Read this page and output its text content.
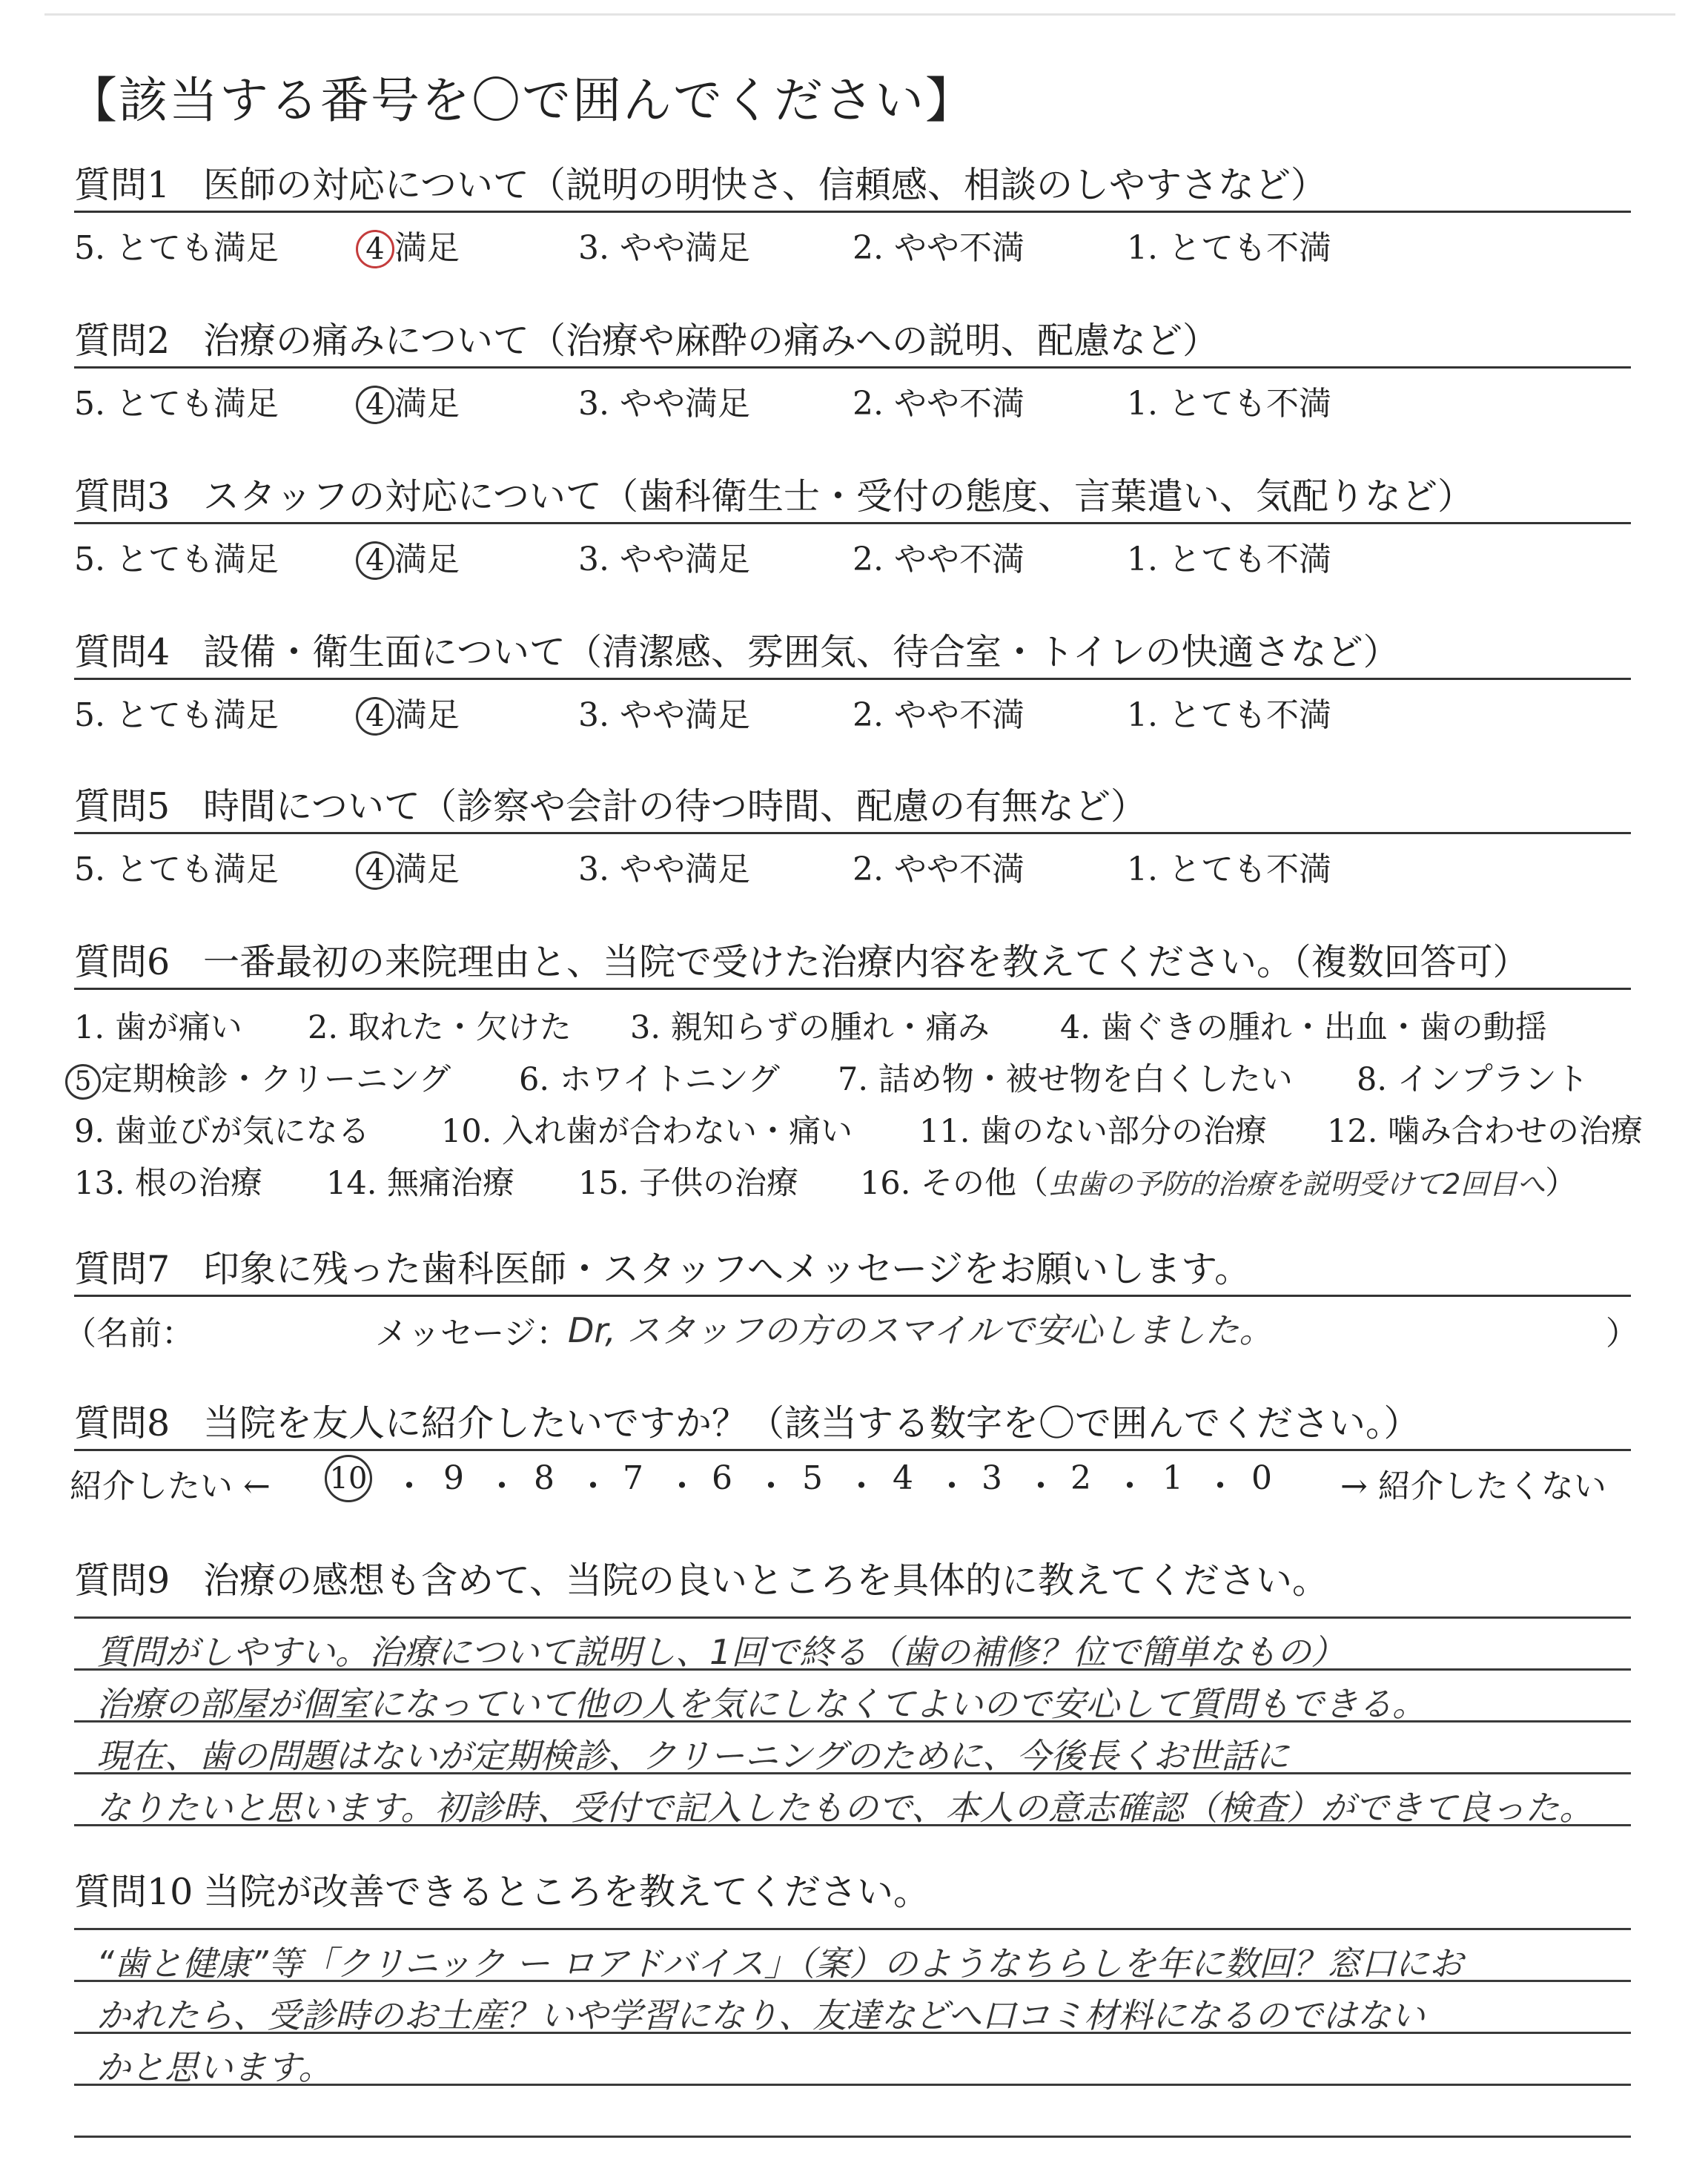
【該当する番号を〇で囲んでください】
質問1 医師の対応について（説明の明快さ、信頼感、相談のしやすさなど）
5. とても満足	4 満足	3. やや満足	2. やや不満	1. とても不満
質問2 治療の痛みについて（治療や麻酔の痛みへの説明、配慮など）
5. とても満足	4 満足	3. やや満足	2. やや不満	1. とても不満
質問3 スタッフの対応について（歯科衛生士・受付の態度、言葉遣い、気配りなど）
5. とても満足	4 満足	3. やや満足	2. やや不満	1. とても不満
質問4 設備・衛生面について（清潔感、雰囲気、待合室・トイレの快適さなど）
5. とても満足	4 満足	3. やや満足	2. やや不満	1. とても不満
質問5 時間について（診察や会計の待つ時間、配慮の有無など）
5. とても満足	4 満足	3. やや満足	2. やや不満	1. とても不満
質問6 一番最初の来院理由と、当院で受けた治療内容を教えてください。（複数回答可）
1. 歯が痛い 2. 取れた・欠けた 3. 親知らずの腫れ・痛み 4. 歯ぐきの腫れ・出血・歯の動揺
5 定期検診・クリーニング 6. ホワイトニング 7. 詰め物・被せ物を白くしたい 8. インプラント
9. 歯並びが気になる 10. 入れ歯が合わない・痛い 11. 歯のない部分の治療 12. 噛み合わせの治療
13. 根の治療 14. 無痛治療 15. 子供の治療 16. その他（虫歯の予防的治療を説明受けて2回目へ）
質問7 印象に残った歯科医師・スタッフへメッセージをお願いします。
（名前：	メッセージ：
Dr, スタッフの方のスマイルで安心しました。	）
質問8 当院を友人に紹介したいですか？（該当する数字を〇で囲んでください。）
紹介したい ← 10 ・ 9 ・ 8 ・ 7 ・ 6 ・ 5 ・ 4 ・ 3 ・ 2 ・ 1 ・ 0 → 紹介したくない
質問9 治療の感想も含めて、当院の良いところを具体的に教えてください。
質問がしやすい。治療について説明し、1回で終る（歯の補修？位で簡単なもの）
治療の部屋が個室になっていて他の人を気にしなくてよいので安心して質問もできる。
現在、歯の問題はないが定期検診、クリーニングのために、今後長くお世話に
なりたいと思います。初診時、受付で記入したもので、本人の意志確認（検査）ができて良った。
質問10 当院が改善できるところを教えてください。
“歯と健康”等「クリニック ー ロアドバイス」（案）のようなちらしを年に数回？窓口にお
かれたら、受診時のお土産？いや学習になり、友達などへ口コミ材料になるのではない
かと思います。
